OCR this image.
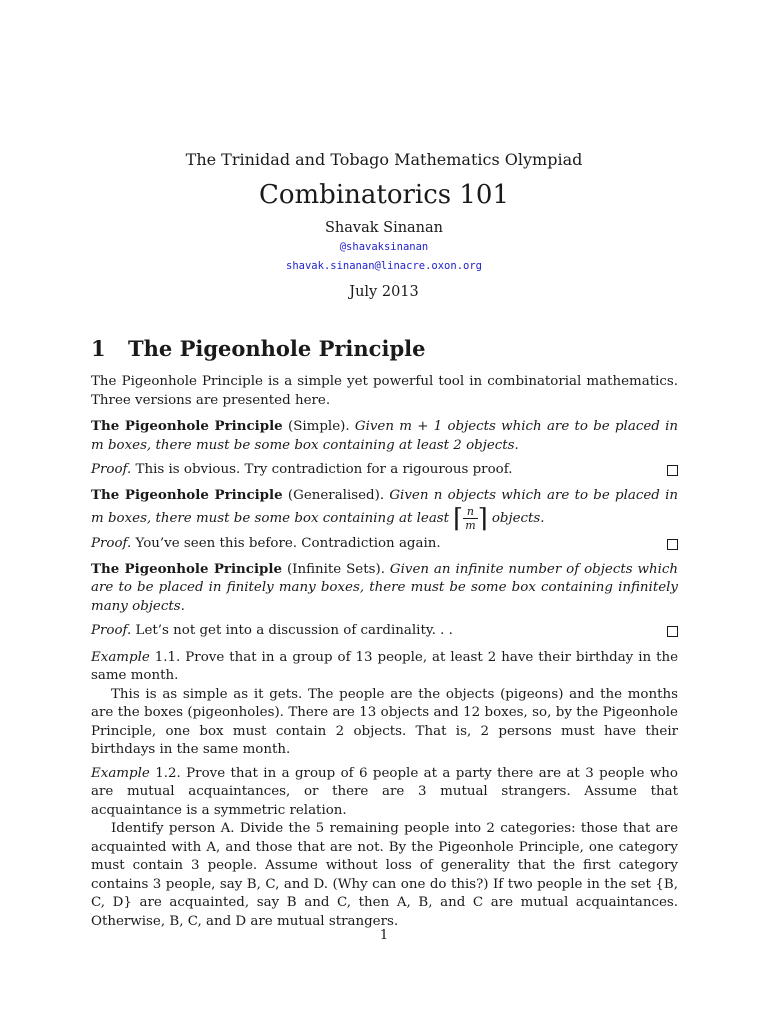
The Trinidad and Tobago Mathematics Olympiad
Combinatorics 101
Shavak Sinanan
@shavaksinanan
shavak.sinanan@linacre.oxon.org
July 2013
1 The Pigeonhole Principle

The Pigeonhole Principle is a simple yet powerful tool in combinatorial mathematics. Three versions are presented here.

The Pigeonhole Principle (Simple). Given m + 1 objects which are to be placed in m boxes, there must be some box containing at least 2 objects.

Proof. This is obvious. Try contradiction for a rigourous proof.

The Pigeonhole Principle (Generalised). Given n objects which are to be placed in m boxes, there must be some box containing at least ⌈ $\frac{n}{m}$ ⌉ objects.

Proof. You’ve seen this before. Contradiction again.

The Pigeonhole Principle (Infinite Sets). Given an infinite number of objects which are to be placed in finitely many boxes, there must be some box containing infinitely many objects.

Proof. Let’s not get into a discussion of cardinality. . .

Example 1.1. Prove that in a group of 13 people, at least 2 have their birthday in the same month.

This is as simple as it gets. The people are the objects (pigeons) and the months are the boxes (pigeonholes). There are 13 objects and 12 boxes, so, by the Pigeonhole Principle, one box must contain 2 objects. That is, 2 persons must have their birthdays in the same month.

Example 1.2. Prove that in a group of 6 people at a party there are at 3 people who are mutual acquaintances, or there are 3 mutual strangers. Assume that acquaintance is a symmetric relation.

Identify person A. Divide the 5 remaining people into 2 categories: those that are acquainted with A, and those that are not. By the Pigeonhole Principle, one category must contain 3 people. Assume without loss of generality that the first category contains 3 people, say B, C, and D. (Why can one do this?) If two people in the set {B, C, D} are acquainted, say B and C, then A, B, and C are mutual acquaintances. Otherwise, B, C, and D are mutual strangers.

1
